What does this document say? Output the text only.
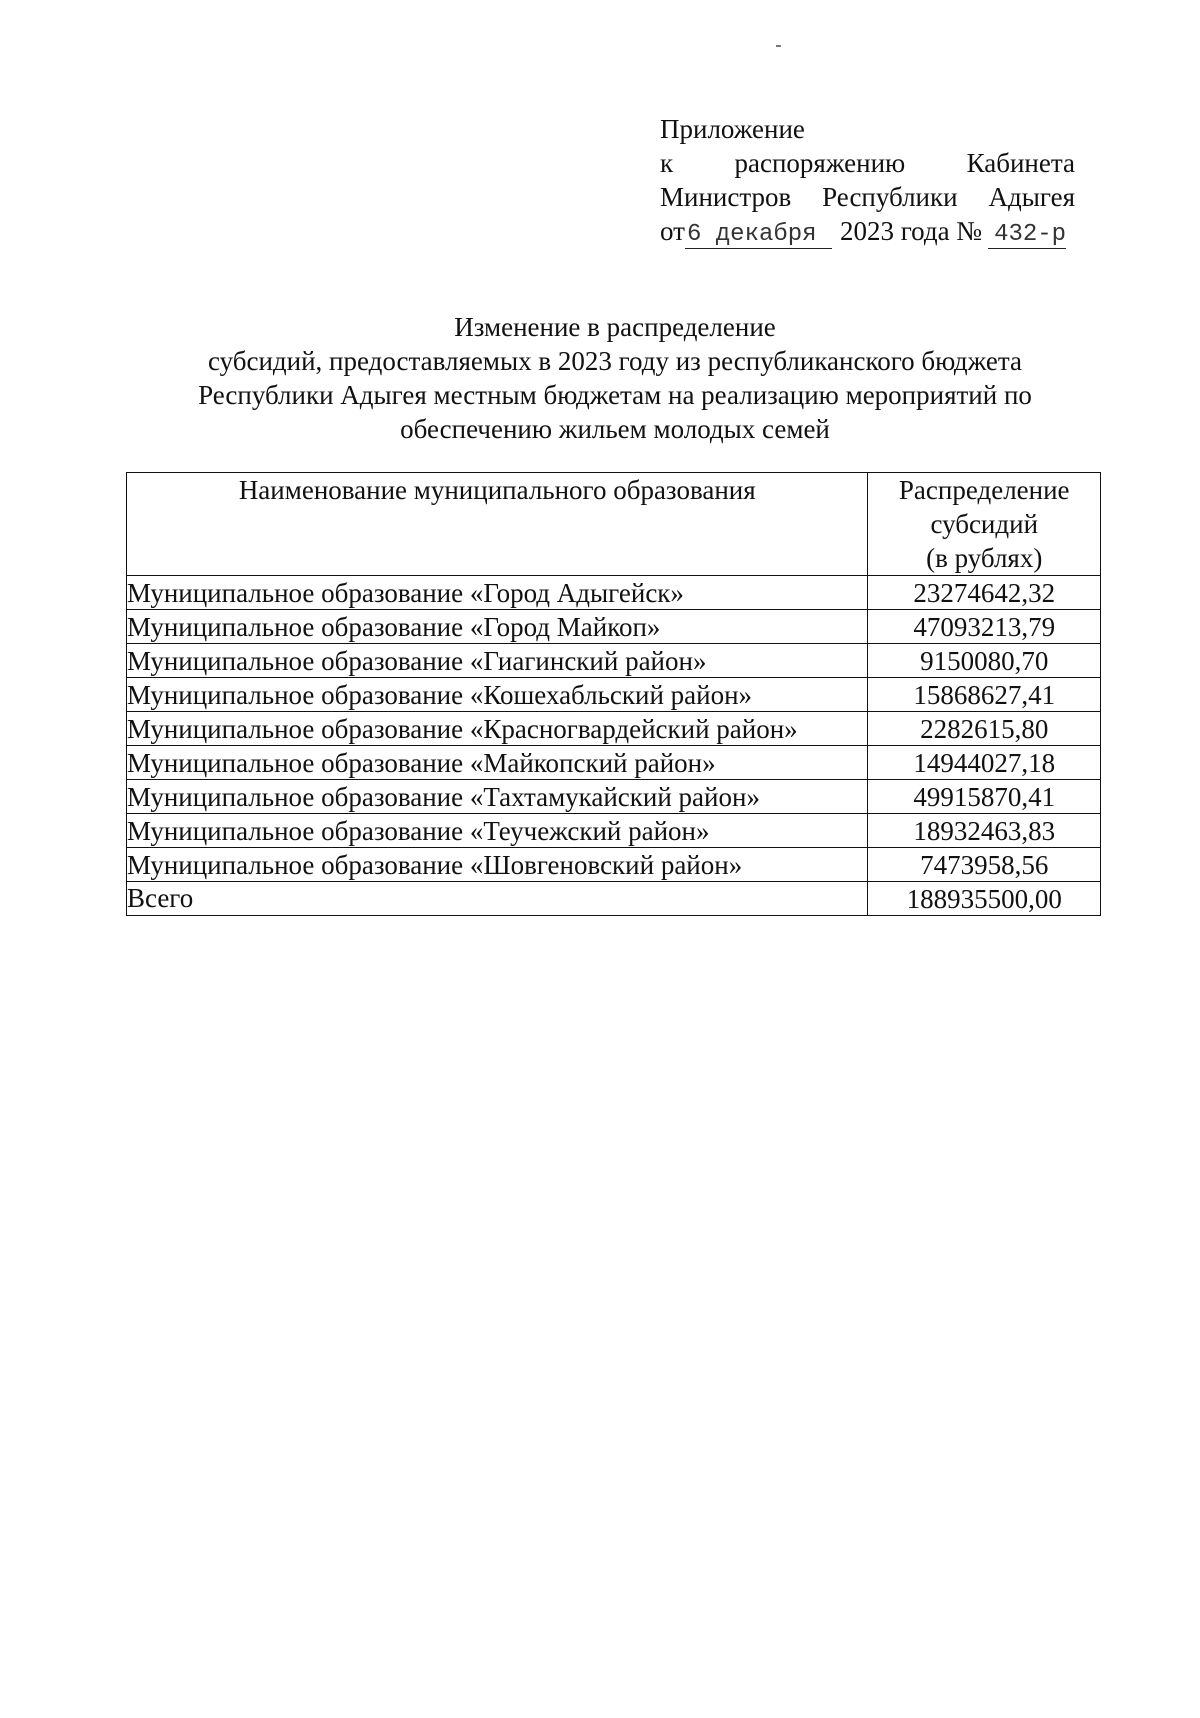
Приложение
к распоряжению Кабинета
Министров Республики Адыгея
от 6 декабря 2023 года № 432-р
Изменение в распределение
субсидий, предоставляемых в 2023 году из республиканского бюджета
Республики Адыгея местным бюджетам на реализацию мероприятий по
обеспечению жильем молодых семей
Наименование муниципального образования	Распределение
субсидий
(в рублях)

Муниципальное образование «Город Адыгейск»	23274642,32
Муниципальное образование «Город Майкоп»	47093213,79
Муниципальное образование «Гиагинский район»	9150080,70
Муниципальное образование «Кошехабльский район»	15868627,41
Муниципальное образование «Красногвардейский район»	2282615,80
Муниципальное образование «Майкопский район»	14944027,18
Муниципальное образование «Тахтамукайский район»	49915870,41
Муниципальное образование «Теучежский район»	18932463,83
Муниципальное образование «Шовгеновский район»	7473958,56
Всего	188935500,00
